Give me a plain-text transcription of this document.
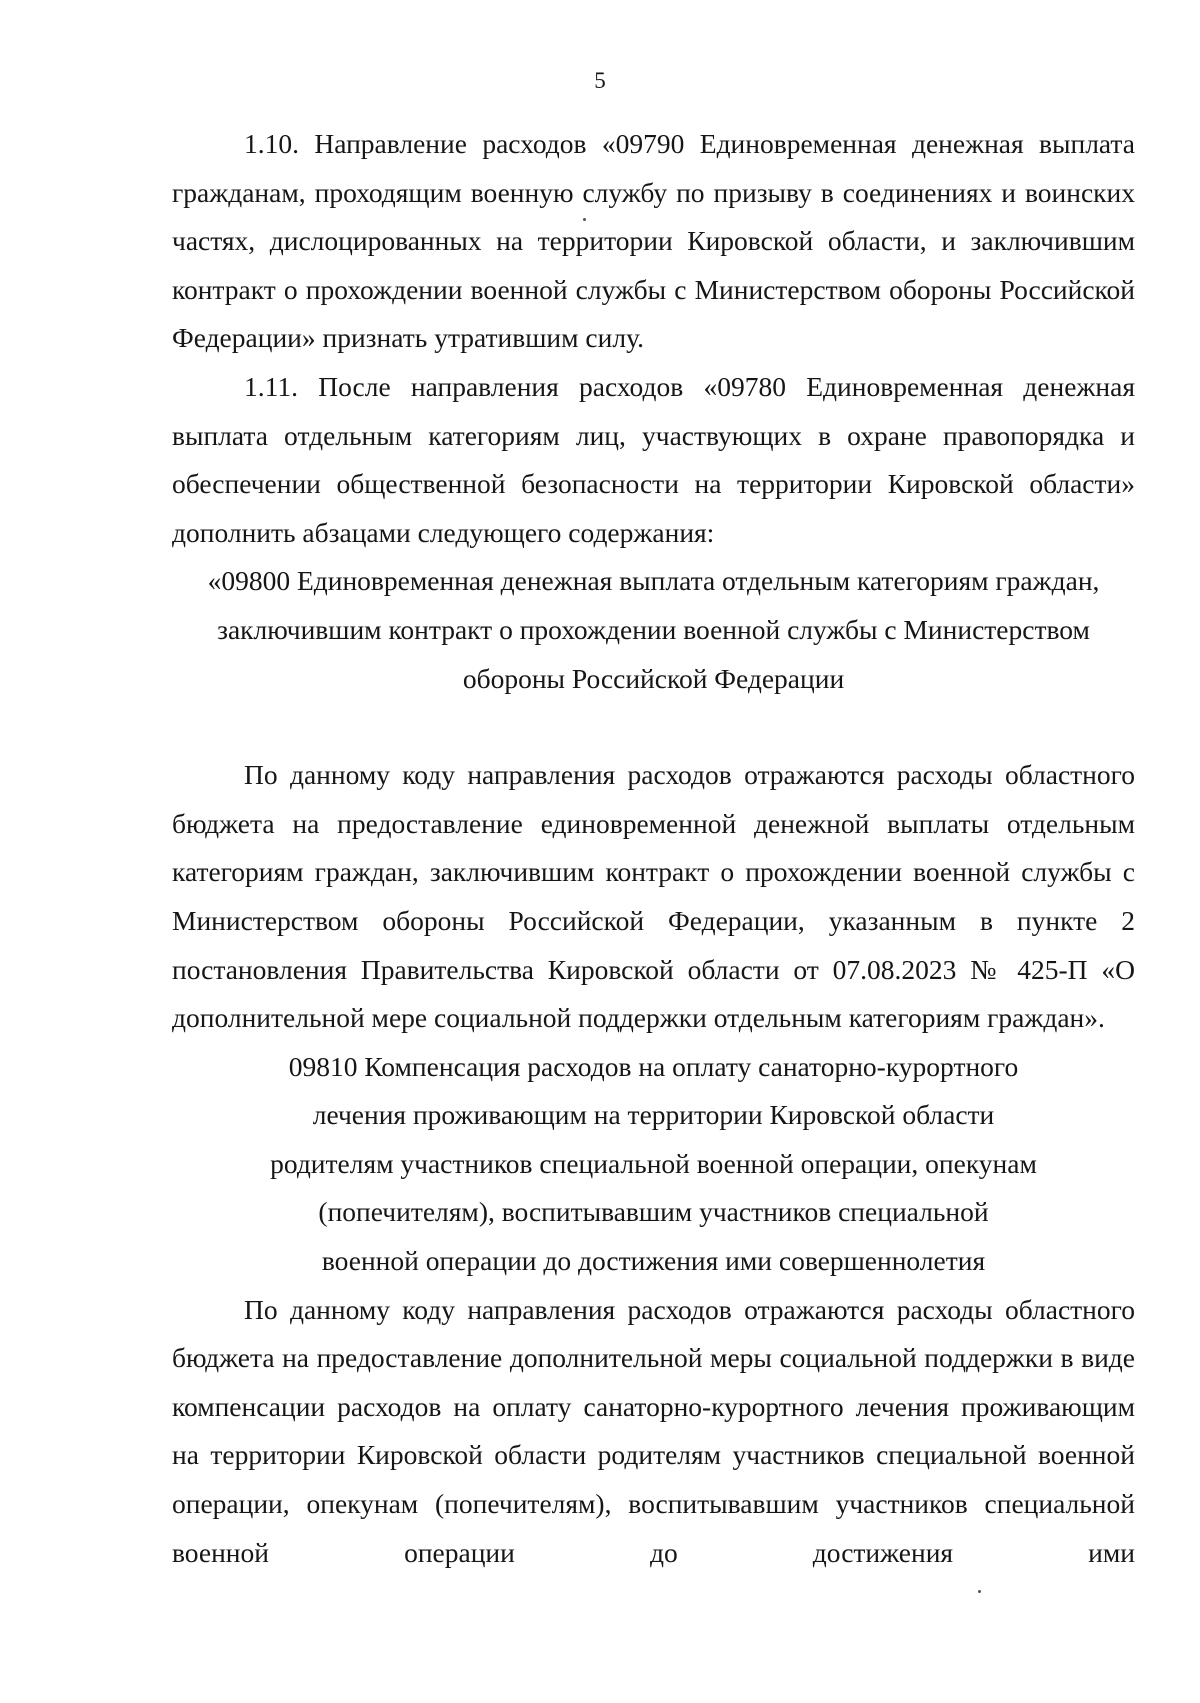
5

1.10. Направление расходов «09790 Единовременная денежная выплата гражданам, проходящим военную службу по призыву в соединениях и воинских частях, дислоцированных на территории Кировской области, и заключившим контракт о прохождении военной службы с Министерством обороны Российской Федерации» признать утратившим силу.

1.11. После направления расходов «09780 Единовременная денежная выплата отдельным категориям лиц, участвующих в охране правопорядка и обеспечении общественной безопасности на территории Кировской области» дополнить абзацами следующего содержания:

«09800 Единовременная денежная выплата отдельным категориям граждан,
заключившим контракт о прохождении военной службы с Министерством
обороны Российской Федерации

По данному коду направления расходов отражаются расходы областного бюджета на предоставление единовременной денежной выплаты отдельным категориям граждан, заключившим контракт о прохождении военной службы с Министерством обороны Российской Федерации, указанным в пункте 2 постановления Правительства Кировской области от 07.08.2023 № 425-П «О дополнительной мере социальной поддержки отдельным категориям граждан».

09810 Компенсация расходов на оплату санаторно-курортного
лечения проживающим на территории Кировской области
родителям участников специальной военной операции, опекунам
(попечителям), воспитывавшим участников специальной
военной операции до достижения ими совершеннолетия

По данному коду направления расходов отражаются расходы областного бюджета на предоставление дополнительной меры социальной поддержки в виде компенсации расходов на оплату санаторно-курортного лечения проживающим на территории Кировской области родителям участников специальной военной операции, опекунам (попечителям), воспитывавшим участников специальной военной операции до достижения ими
